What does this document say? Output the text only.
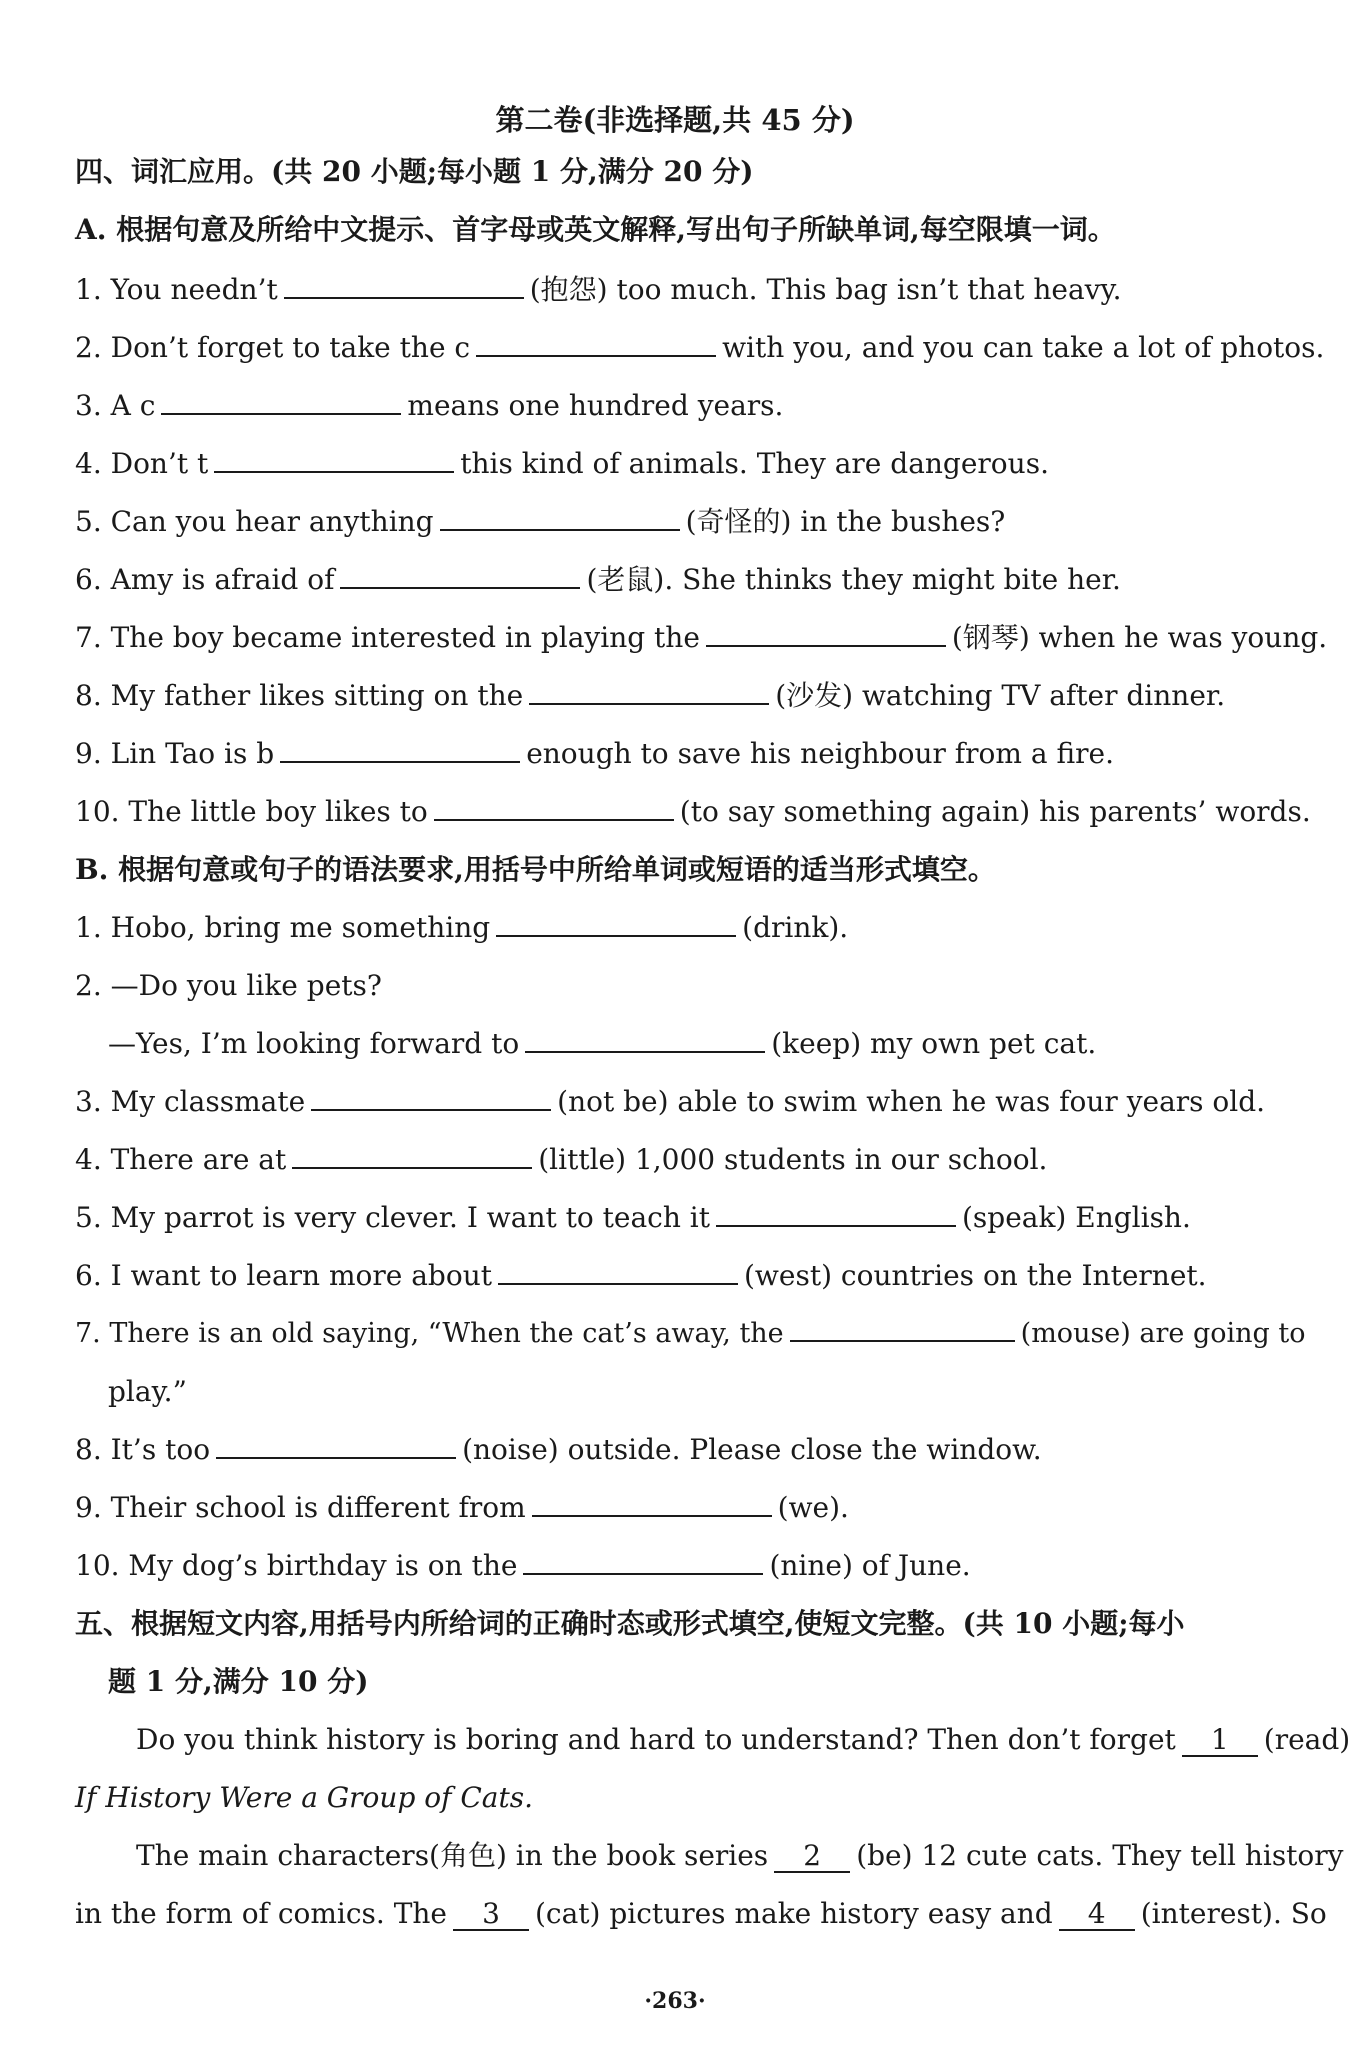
第二卷(非选择题,共 45 分)
四、词汇应用。(共 20 小题;每小题 1 分,满分 20 分)
A. 根据句意及所给中文提示、首字母或英文解释,写出句子所缺单词,每空限填一词。
1. You needn’t	(抱怨) too much. This bag isn’t that heavy.
2. Don’t forget to take the c	with you, and you can take a lot of photos.
3. A c	means one hundred years.
4. Don’t t	this kind of animals. They are dangerous.
5. Can you hear anything	(奇怪的) in the bushes?
6. Amy is afraid of	(老鼠). She thinks they might bite her.
7. The boy became interested in playing the	(钢琴) when he was young.
8. My father likes sitting on the	(沙发) watching TV after dinner.
9. Lin Tao is b	enough to save his neighbour from a fire.
10. The little boy likes to	(to say something again) his parents’ words.
B. 根据句意或句子的语法要求,用括号中所给单词或短语的适当形式填空。
1. Hobo, bring me something	(drink).
2. —Do you like pets?
—Yes, I’m looking forward to	(keep) my own pet cat.
3. My classmate	(not be) able to swim when he was four years old.
4. There are at	(little) 1,000 students in our school.
5. My parrot is very clever. I want to teach it	(speak) English.
6. I want to learn more about	(west) countries on the Internet.
7. There is an old saying, “When the cat’s away, the	(mouse) are going to
play.”
8. It’s too	(noise) outside. Please close the window.
9. Their school is different from	(we).
10. My dog’s birthday is on the	(nine) of June.
五、根据短文内容,用括号内所给词的正确时态或形式填空,使短文完整。(共 10 小题;每小
题 1 分,满分 10 分)
Do you think history is boring and hard to understand? Then don’t forget 1 (read)
If History Were a Group of Cats.
The main characters(角色) in the book series 2 (be) 12 cute cats. They tell history
in the form of comics. The 3 (cat) pictures make history easy and 4 (interest). So
·263·
